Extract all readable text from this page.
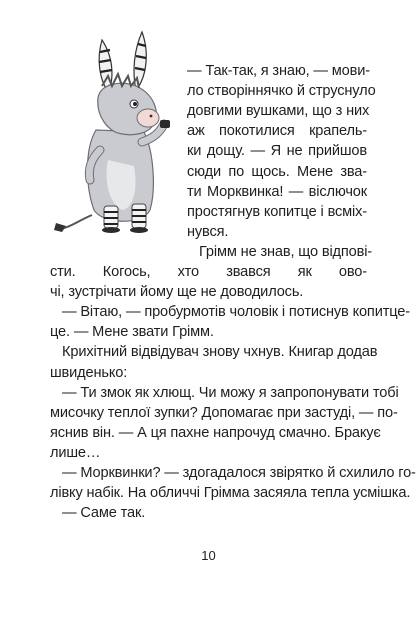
— Так-так, я знаю, — мови-
ло створіннячко й струснуло
довгими вушками, що з них
аж покотилися крапель-
ки дощу. — Я не прийшов
сюди по щось. Мене зва-
ти Морквинка! — віслючок
простягнув копитце і всміх-
нувся.
Грімм не знав, що відпові-
сти. Когось, хто звався як ово-
чі, зустрічати йому ще не доводилось.
— Вітаю, — пробурмотів чоловік і потиснув копитце-
це. — Мене звати Грімм.
Крихітний відвідувач знову чхнув. Книгар додав
швиденько:
— Ти змок як хлющ. Чи можу я запропонувати тобі
мисочку теплої зупки? Допомагає при застуді, — по-
яснив він. — А ця пахне напрочуд смачно. Бракує
лише…
— Морквинки? — здогадалося звірятко й схилило го-
лівку набік. На обличчі Грімма засяяла тепла усмішка.
— Саме так.
10
